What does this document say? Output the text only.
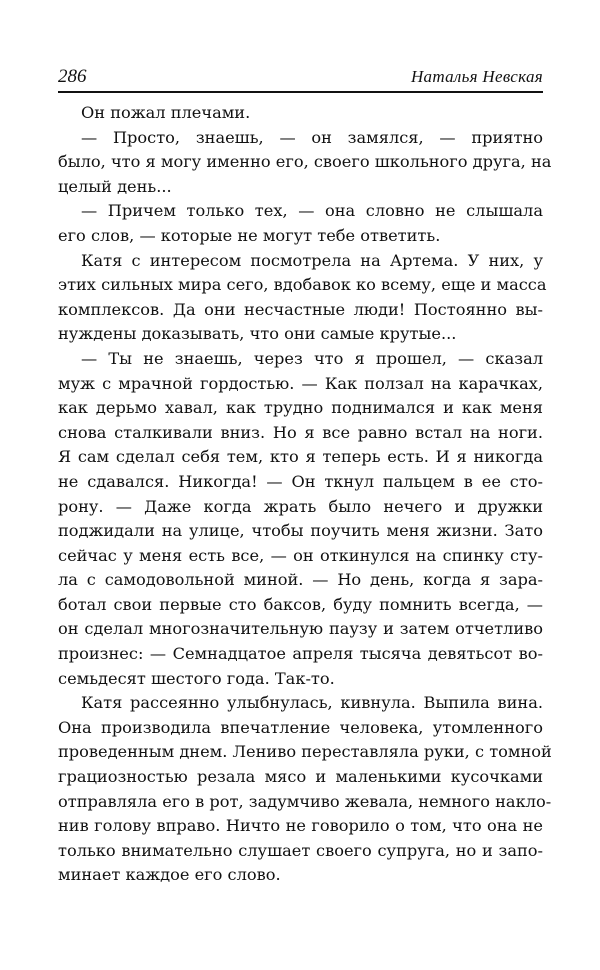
286	Наталья Невская

Он пожал плечами.

— Просто, знаешь, — он замялся, — приятно
было, что я могу именно его, своего школьного друга, на
целый день...

— Причем только тех, — она словно не слышала
его слов, — которые не могут тебе ответить.

Катя с интересом посмотрела на Артема. У них, у
этих сильных мира сего, вдобавок ко всему, еще и масса
комплексов. Да они несчастные люди! Постоянно вы-
нуждены доказывать, что они самые крутые...

— Ты не знаешь, через что я прошел, — сказал
муж с мрачной гордостью. — Как ползал на карачках,
как дерьмо хавал, как трудно поднимался и как меня
снова сталкивали вниз. Но я все равно встал на ноги.
Я сам сделал себя тем, кто я теперь есть. И я никогда
не сдавался. Никогда! — Он ткнул пальцем в ее сто-
рону. — Даже когда жрать было нечего и дружки
поджидали на улице, чтобы поучить меня жизни. Зато
сейчас у меня есть все, — он откинулся на спинку сту-
ла с самодовольной миной. — Но день, когда я зара-
ботал свои первые сто баксов, буду помнить всегда, —
он сделал многозначительную паузу и затем отчетливо
произнес: — Семнадцатое апреля тысяча девятьсот во-
семьдесят шестого года. Так-то.

Катя рассеянно улыбнулась, кивнула. Выпила вина.
Она производила впечатление человека, утомленного
проведенным днем. Лениво переставляла руки, с томной
грациозностью резала мясо и маленькими кусочками
отправляла его в рот, задумчиво жевала, немного накло-
нив голову вправо. Ничто не говорило о том, что она не
только внимательно слушает своего супруга, но и запо-
минает каждое его слово.
